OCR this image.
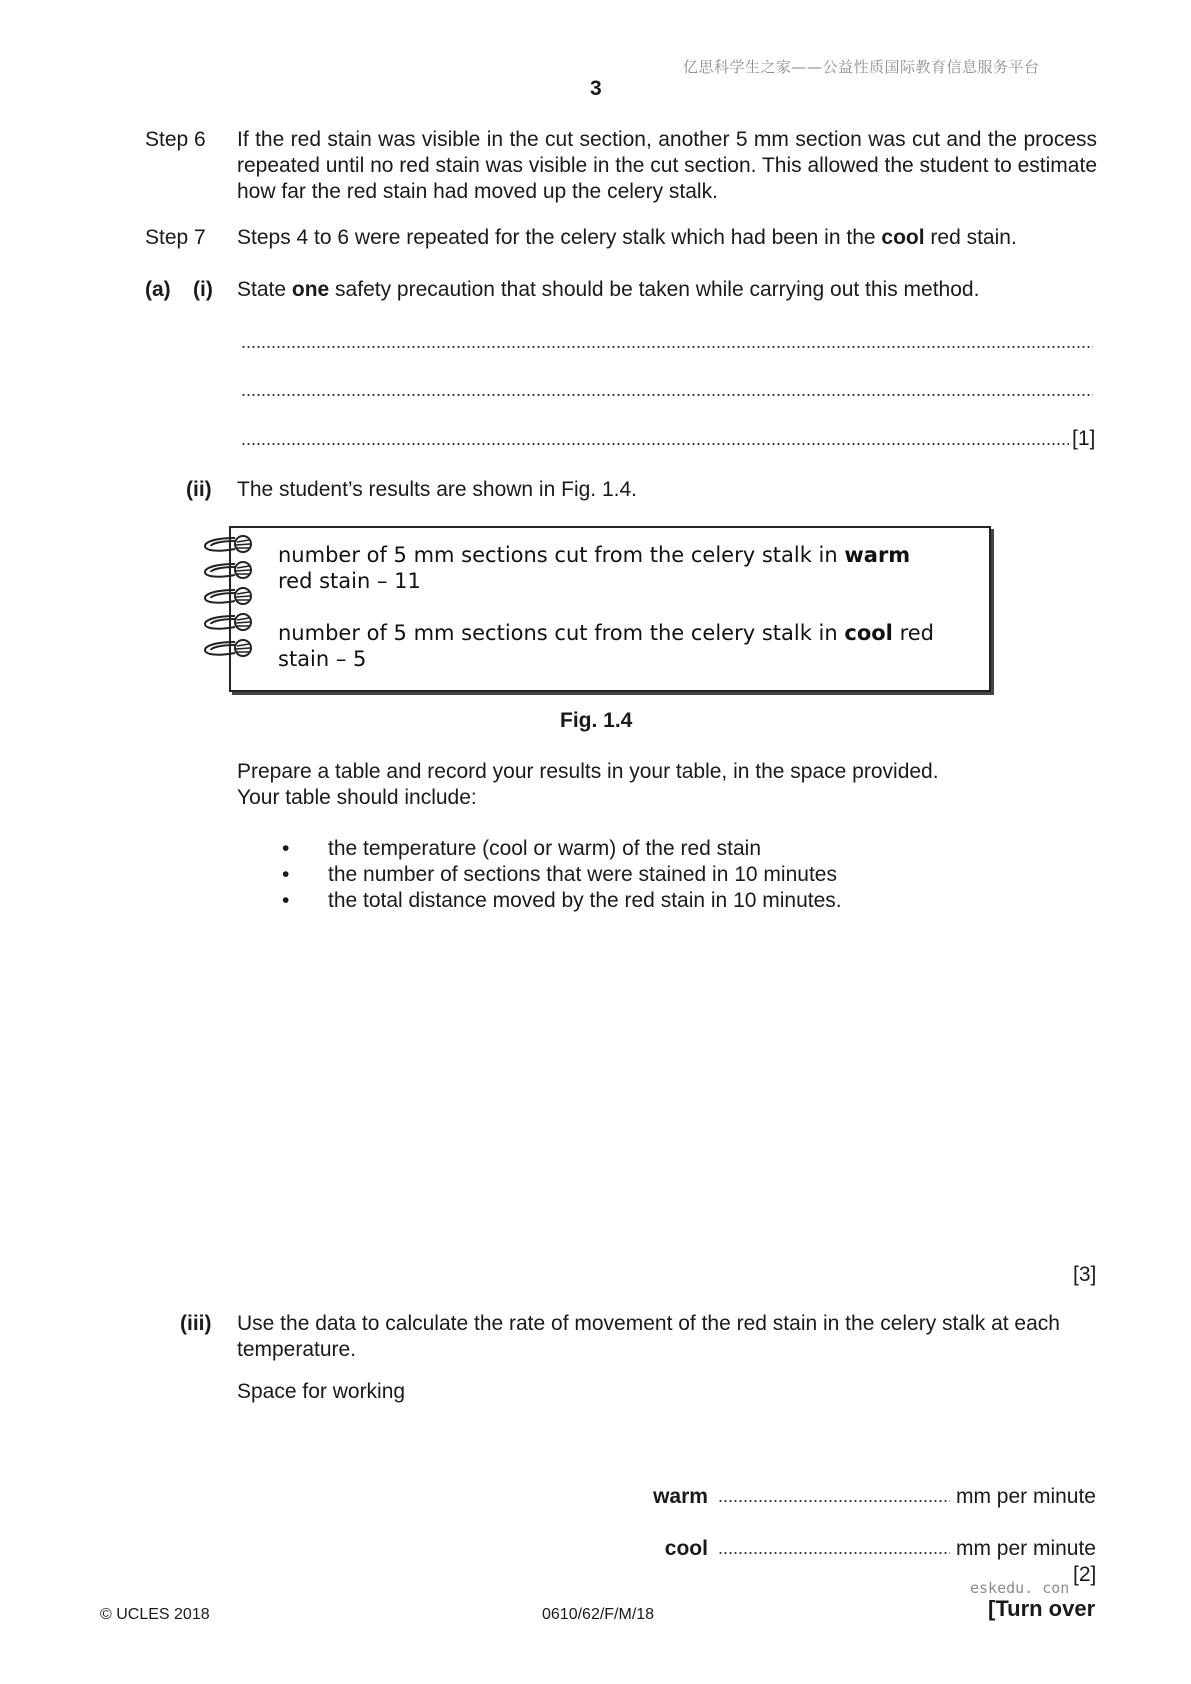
亿思科学生之家——公益性质国际教育信息服务平台
3
Step 6 If the red stain was visible in the cut section, another 5 mm section was cut and the process repeated until no red stain was visible in the cut section. This allowed the student to estimate how far the red stain had moved up the celery stalk.
Step 7 Steps 4 to 6 were repeated for the celery stalk which had been in the cool red stain.
(a) (i) State one safety precaution that should be taken while carrying out this method.
[1]
(ii) The student’s results are shown in Fig. 1.4.
number of 5 mm sections cut from the celery stalk in warm
red stain – 11
number of 5 mm sections cut from the celery stalk in cool red
stain – 5
Fig. 1.4
Prepare a table and record your results in your table, in the space provided.
Your table should include:
• the temperature (cool or warm) of the red stain
• the number of sections that were stained in 10 minutes
• the total distance moved by the red stain in 10 minutes.
[3]
(iii) Use the data to calculate the rate of movement of the red stain in the celery stalk at each temperature.
Space for working
warm	mm per minute
cool	mm per minute
[2]
eskedu. con
© UCLES 2018	0610/62/F/M/18	[Turn over
